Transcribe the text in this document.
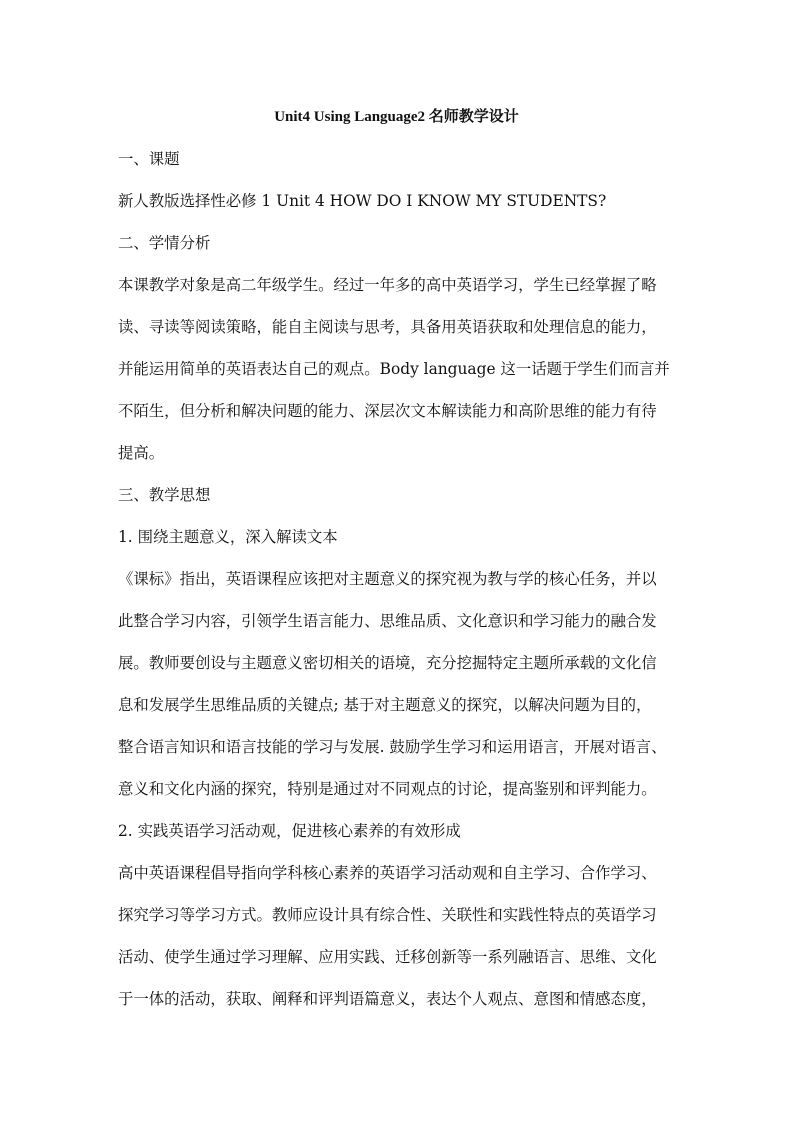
Unit4 Using Language2 名师教学设计
一、课题
新人教版选择性必修 1 Unit 4 HOW DO I KNOW MY STUDENTS?
二、学情分析
本课教学对象是高二年级学生。经过一年多的高中英语学习，学生已经掌握了略
读、寻读等阅读策略，能自主阅读与思考，具备用英语获取和处理信息的能力，
并能运用简单的英语表达自己的观点。Body language 这一话题于学生们而言并
不陌生，但分析和解决问题的能力、深层次文本解读能力和高阶思维的能力有待
提高。
三、教学思想
1. 围绕主题意义，深入解读文本
《课标》指出，英语课程应该把对主题意义的探究视为教与学的核心任务，并以
此整合学习内容，引领学生语言能力、思维品质、文化意识和学习能力的融合发
展。教师要创设与主题意义密切相关的语境，充分挖掘特定主题所承载的文化信
息和发展学生思维品质的关键点; 基于对主题意义的探究，以解决问题为目的，
整合语言知识和语言技能的学习与发展. 鼓励学生学习和运用语言，开展对语言、
意义和文化内涵的探究，特别是通过对不同观点的讨论，提高鉴别和评判能力。
2. 实践英语学习活动观，促进核心素养的有效形成
高中英语课程倡导指向学科核心素养的英语学习活动观和自主学习、合作学习、
探究学习等学习方式。教师应设计具有综合性、关联性和实践性特点的英语学习
活动、使学生通过学习理解、应用实践、迁移创新等一系列融语言、思维、文化
于一体的活动，获取、阐释和评判语篇意义，表达个人观点、意图和情感态度，
